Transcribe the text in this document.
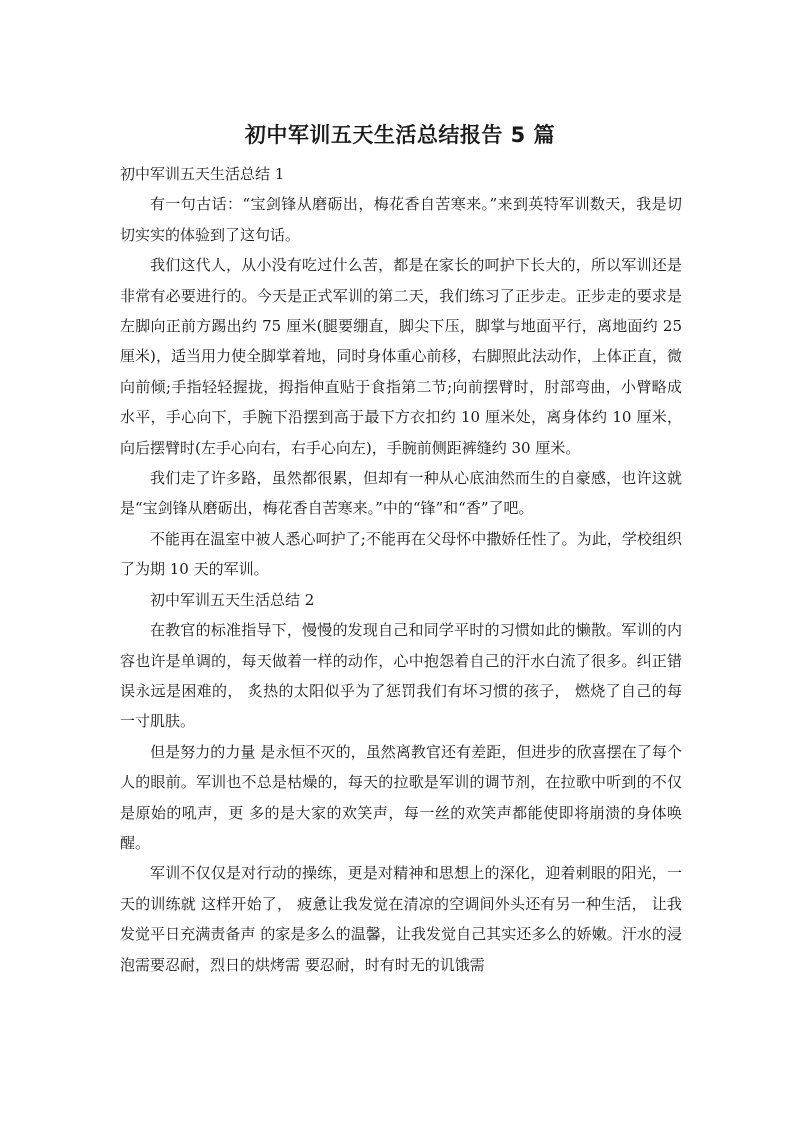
初中军训五天生活总结报告 5 篇

初中军训五天生活总结 1

有一句古话：“宝剑锋从磨砺出，梅花香自苦寒来。”来到英特军训数天，我是切切实实的体验到了这句话。

我们这代人，从小没有吃过什么苦，都是在家长的呵护下长大的，所以军训还是非常有必要进行的。今天是正式军训的第二天，我们练习了正步走。正步走的要求是左脚向正前方踢出约 75 厘米(腿要绷直，脚尖下压，脚掌与地面平行，离地面约 25 厘米)，适当用力使全脚掌着地，同时身体重心前移，右脚照此法动作，上体正直，微向前倾;手指轻轻握拢，拇指伸直贴于食指第二节;向前摆臂时，肘部弯曲，小臂略成水平，手心向下，手腕下沿摆到高于最下方衣扣约 10 厘米处，离身体约 10 厘米，向后摆臂时(左手心向右，右手心向左)，手腕前侧距裤缝约 30 厘米。

我们走了许多路，虽然都很累，但却有一种从心底油然而生的自豪感，也许这就是“宝剑锋从磨砺出，梅花香自苦寒来。”中的“锋”和“香”了吧。

不能再在温室中被人悉心呵护了;不能再在父母怀中撒娇任性了。为此，学校组织了为期 10 天的军训。

初中军训五天生活总结 2

在教官的标准指导下，慢慢的发现自己和同学平时的习惯如此的懒散。军训的内容也许是单调的，每天做着一样的动作，心中抱怨着自己的汗水白流了很多。纠正错误永远是困难的， 炙热的太阳似乎为了惩罚我们有坏习惯的孩子， 燃烧了自己的每一寸肌肤。

但是努力的力量 是永恒不灭的，虽然离教官还有差距，但进步的欣喜摆在了每个人的眼前。军训也不总是枯燥的，每天的拉歌是军训的调节剂，在拉歌中听到的不仅是原始的吼声，更 多的是大家的欢笑声，每一丝的欢笑声都能使即将崩溃的身体唤醒。

军训不仅仅是对行动的操练，更是对精神和思想上的深化，迎着刺眼的阳光，一天的训练就 这样开始了， 疲惫让我发觉在清凉的空调间外头还有另一种生活， 让我发觉平日充满责备声 的家是多么的温馨，让我发觉自己其实还多么的娇嫩。汗水的浸泡需要忍耐，烈日的烘烤需 要忍耐，时有时无的讥饿需
